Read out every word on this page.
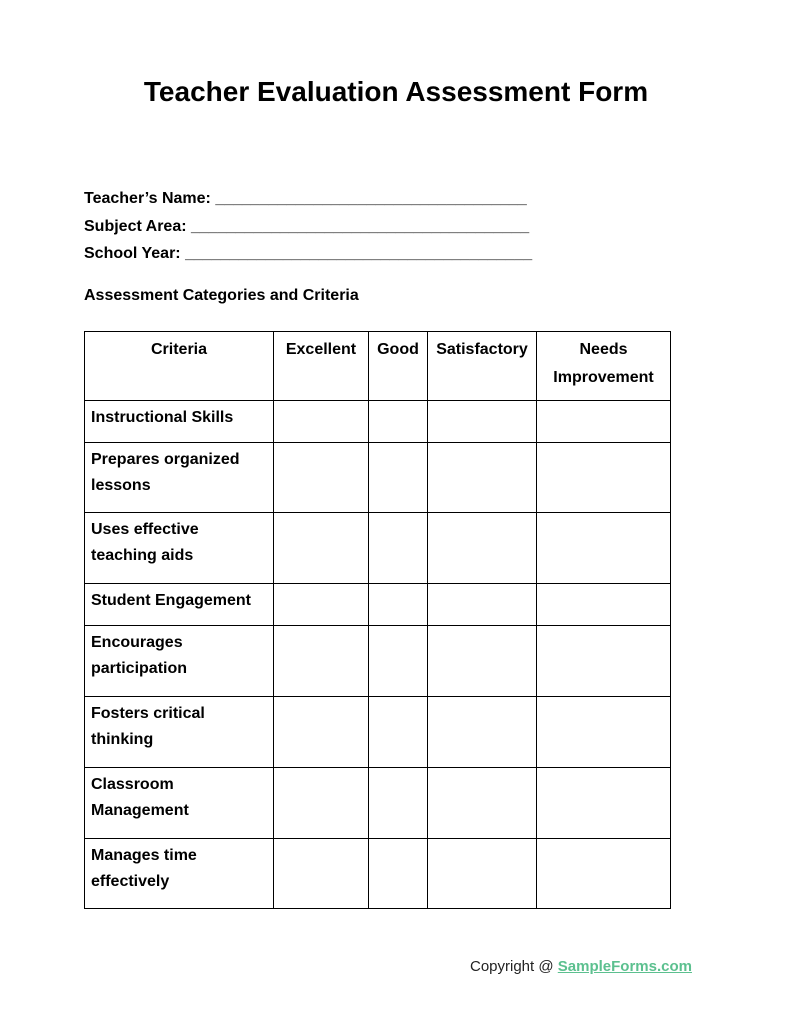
Teacher Evaluation Assessment Form
Teacher’s Name: ___________________________________
Subject Area: ______________________________________
School Year: _______________________________________
Assessment Categories and Criteria
Criteria	Excellent	Good	Satisfactory	Needs Improvement
Instructional Skills				
Prepares organized lessons				
Uses effective teaching aids				
Student Engagement				
Encourages participation				
Fosters critical thinking				
Classroom Management				
Manages time effectively				
Copyright @ SampleForms.com
